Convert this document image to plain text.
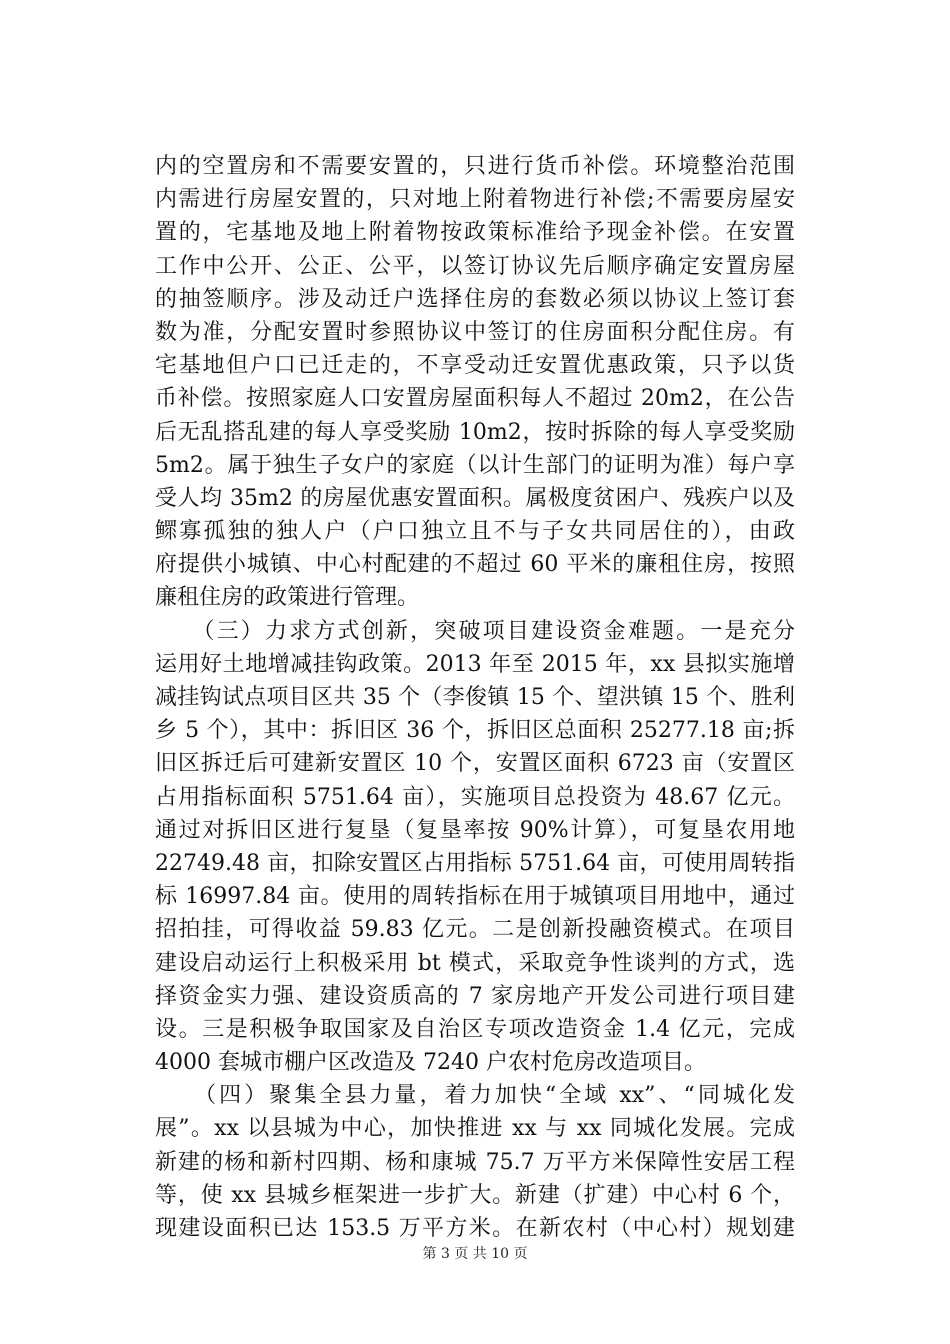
内的空置房和不需要安置的，只进行货币补偿。环境整治范围
内需进行房屋安置的，只对地上附着物进行补偿;不需要房屋安
置的，宅基地及地上附着物按政策标准给予现金补偿。在安置
工作中公开、公正、公平，以签订协议先后顺序确定安置房屋
的抽签顺序。涉及动迁户选择住房的套数必须以协议上签订套
数为准，分配安置时参照协议中签订的住房面积分配住房。有
宅基地但户口已迁走的，不享受动迁安置优惠政策，只予以货
币补偿。按照家庭人口安置房屋面积每人不超过 20m2，在公告
后无乱搭乱建的每人享受奖励 10m2，按时拆除的每人享受奖励
5m2。属于独生子女户的家庭（以计生部门的证明为准）每户享
受人均 35m2 的房屋优惠安置面积。属极度贫困户、残疾户以及
鳏寡孤独的独人户（户口独立且不与子女共同居住的），由政
府提供小城镇、中心村配建的不超过 60 平米的廉租住房，按照
廉租住房的政策进行管理。
　　（三）力求方式创新，突破项目建设资金难题。一是充分
运用好土地增减挂钩政策。2013 年至 2015 年，xx 县拟实施增
减挂钩试点项目区共 35 个（李俊镇 15 个、望洪镇 15 个、胜利
乡 5 个），其中：拆旧区 36 个，拆旧区总面积 25277.18 亩;拆
旧区拆迁后可建新安置区 10 个，安置区面积 6723 亩（安置区
占用指标面积 5751.64 亩），实施项目总投资为 48.67 亿元。
通过对拆旧区进行复垦（复垦率按 90%计算），可复垦农用地
22749.48 亩，扣除安置区占用指标 5751.64 亩，可使用周转指
标 16997.84 亩。使用的周转指标在用于城镇项目用地中，通过
招拍挂，可得收益 59.83 亿元。二是创新投融资模式。在项目
建设启动运行上积极采用 bt 模式，采取竞争性谈判的方式，选
择资金实力强、建设资质高的 7 家房地产开发公司进行项目建
设。三是积极争取国家及自治区专项改造资金 1.4 亿元，完成
4000 套城市棚户区改造及 7240 户农村危房改造项目。
　　（四）聚集全县力量，着力加快“全域 xx”、“同城化发
展”。xx 以县城为中心，加快推进 xx 与 xx 同城化发展。完成
新建的杨和新村四期、杨和康城 75.7 万平方米保障性安居工程
等，使 xx 县城乡框架进一步扩大。新建（扩建）中心村 6 个，
现建设面积已达 153.5 万平方米。在新农村（中心村）规划建
第 3 页 共 10 页
